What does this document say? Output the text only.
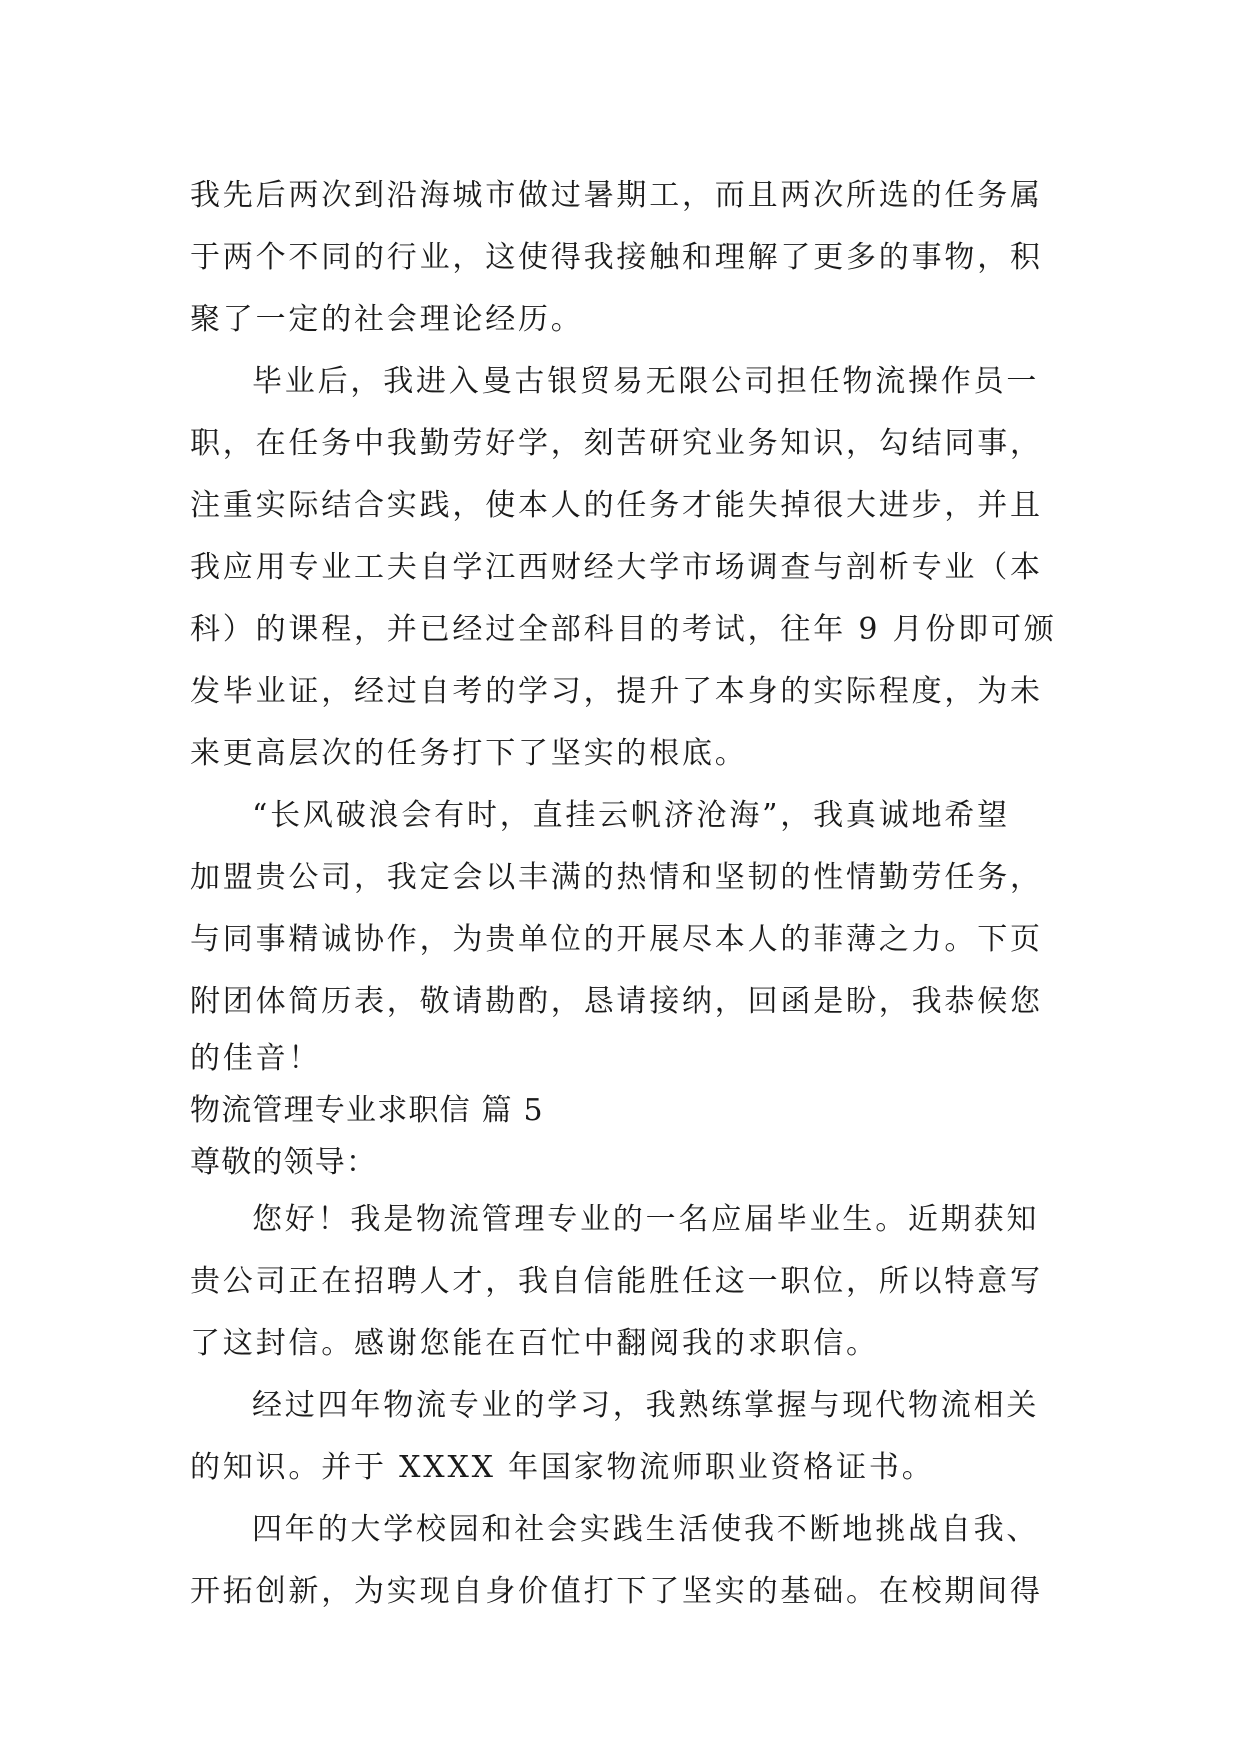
我先后两次到沿海城市做过暑期工，而且两次所选的任务属
于两个不同的行业，这使得我接触和理解了更多的事物，积
聚了一定的社会理论经历。
毕业后，我进入曼古银贸易无限公司担任物流操作员一
职，在任务中我勤劳好学，刻苦研究业务知识，勾结同事，
注重实际结合实践，使本人的任务才能失掉很大进步，并且
我应用专业工夫自学江西财经大学市场调查与剖析专业（本
科）的课程，并已经过全部科目的考试，往年 9 月份即可颁
发毕业证，经过自考的学习，提升了本身的实际程度，为未
来更高层次的任务打下了坚实的根底。
“长风破浪会有时，直挂云帆济沧海”，我真诚地希望
加盟贵公司，我定会以丰满的热情和坚韧的性情勤劳任务，
与同事精诚协作，为贵单位的开展尽本人的菲薄之力。下页
附团体简历表，敬请勘酌，恳请接纳，回函是盼，我恭候您
的佳音！
物流管理专业求职信 篇 5
尊敬的领导：
您好！我是物流管理专业的一名应届毕业生。近期获知
贵公司正在招聘人才，我自信能胜任这一职位，所以特意写
了这封信。感谢您能在百忙中翻阅我的求职信。
经过四年物流专业的学习，我熟练掌握与现代物流相关
的知识。并于 XXXX 年国家物流师职业资格证书。
四年的大学校园和社会实践生活使我不断地挑战自我、
开拓创新，为实现自身价值打下了坚实的基础。在校期间得
